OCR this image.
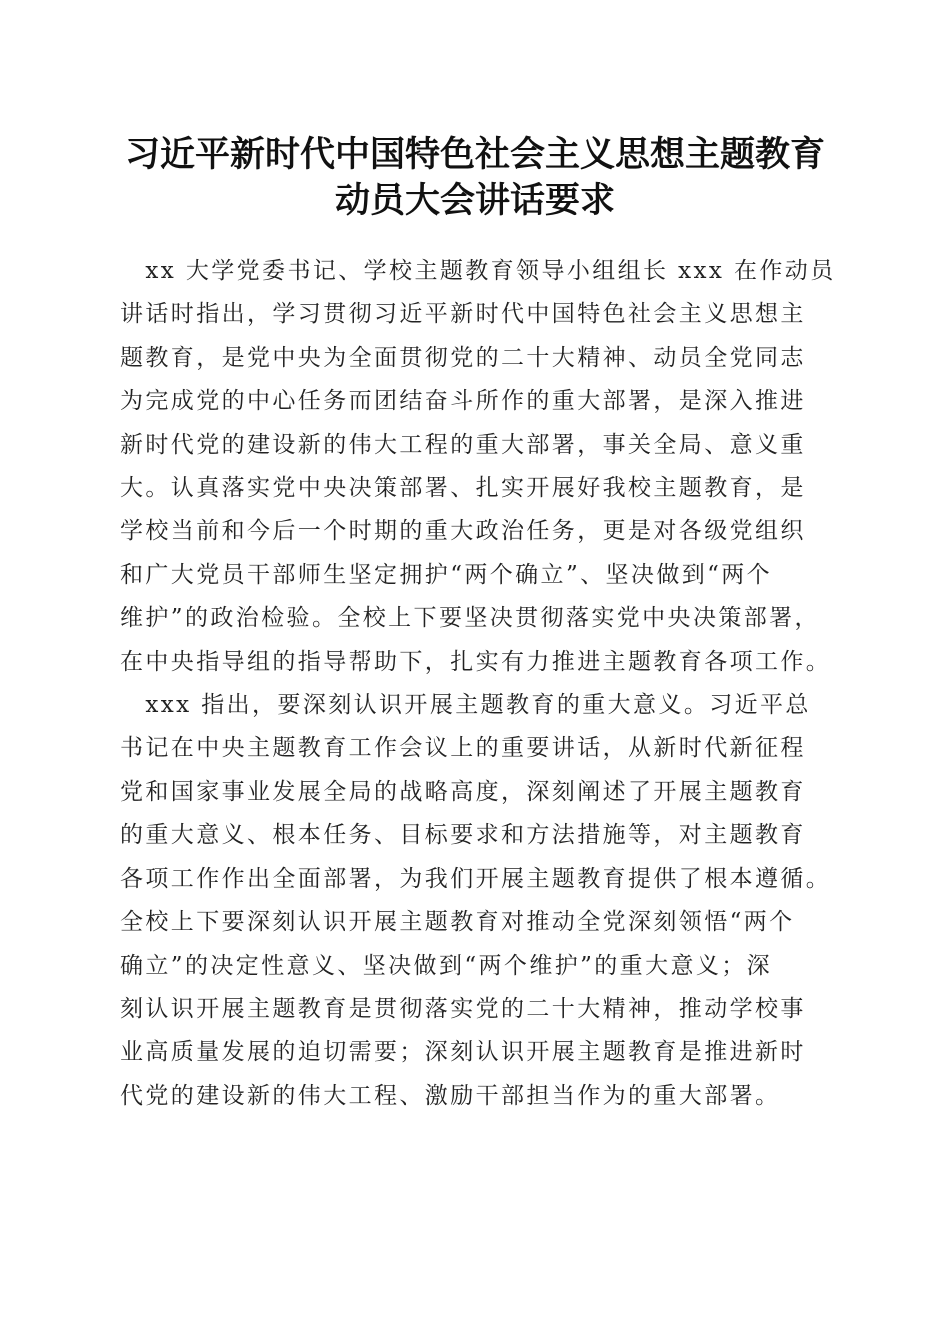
习近平新时代中国特色社会主义思想主题教育
动员大会讲话要求
　xx 大学党委书记、学校主题教育领导小组组长 xxx 在作动员
讲话时指出，学习贯彻习近平新时代中国特色社会主义思想主
题教育，是党中央为全面贯彻党的二十大精神、动员全党同志
为完成党的中心任务而团结奋斗所作的重大部署，是深入推进
新时代党的建设新的伟大工程的重大部署，事关全局、意义重
大。认真落实党中央决策部署、扎实开展好我校主题教育，是
学校当前和今后一个时期的重大政治任务，更是对各级党组织
和广大党员干部师生坚定拥护“两个确立”、坚决做到“两个
维护”的政治检验。全校上下要坚决贯彻落实党中央决策部署，
在中央指导组的指导帮助下，扎实有力推进主题教育各项工作。
　xxx 指出，要深刻认识开展主题教育的重大意义。习近平总
书记在中央主题教育工作会议上的重要讲话，从新时代新征程
党和国家事业发展全局的战略高度，深刻阐述了开展主题教育
的重大意义、根本任务、目标要求和方法措施等，对主题教育
各项工作作出全面部署，为我们开展主题教育提供了根本遵循。
全校上下要深刻认识开展主题教育对推动全党深刻领悟“两个
确立”的决定性意义、坚决做到“两个维护”的重大意义；深
刻认识开展主题教育是贯彻落实党的二十大精神，推动学校事
业高质量发展的迫切需要；深刻认识开展主题教育是推进新时
代党的建设新的伟大工程、激励干部担当作为的重大部署。
